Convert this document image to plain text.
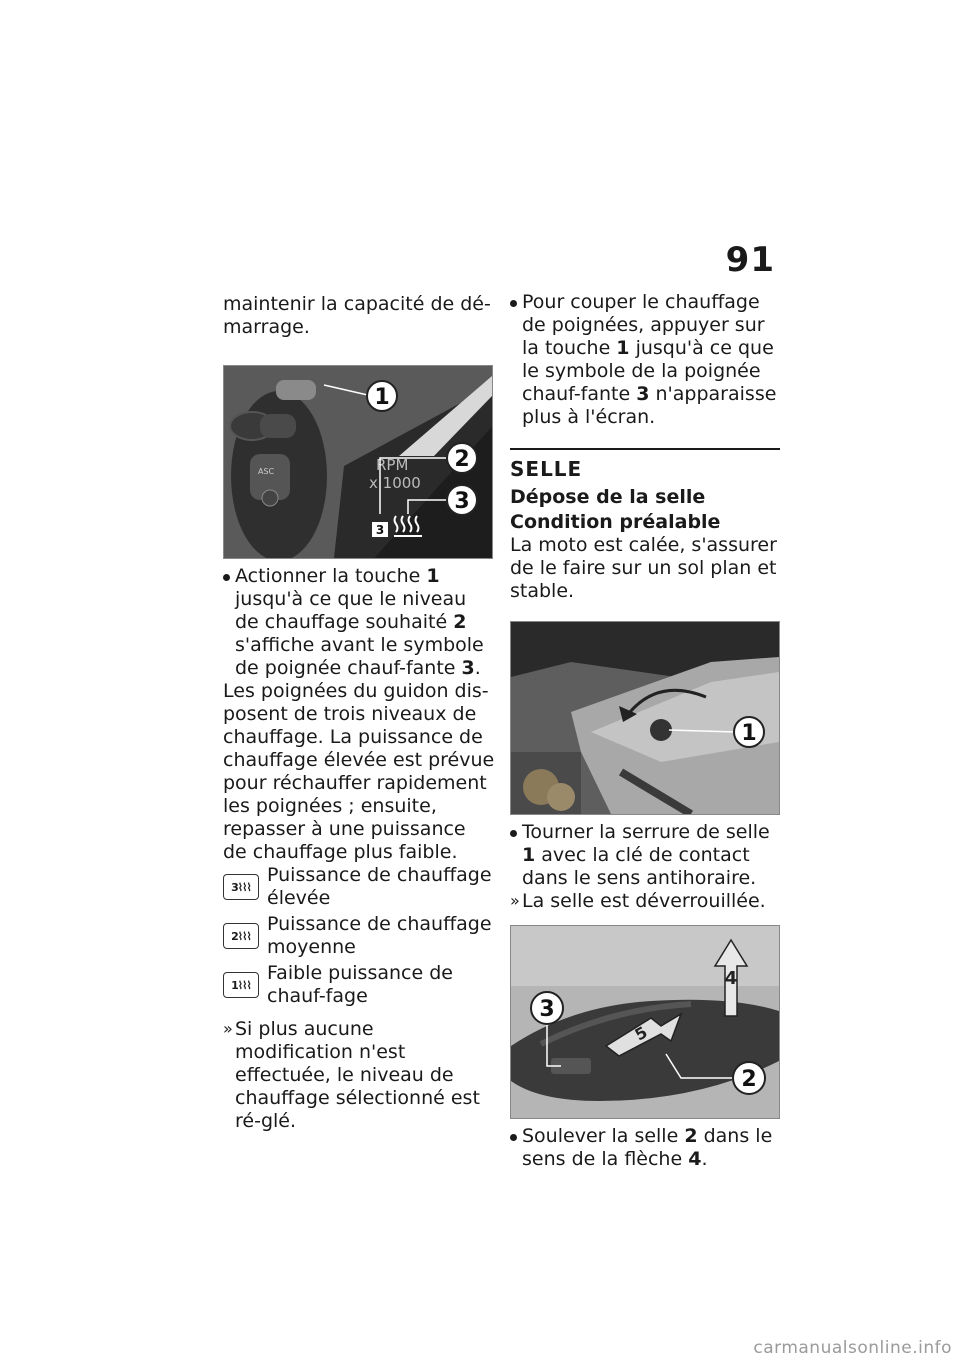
91

maintenir la capacité de dé-marrage.

ASC
1
RPM
x 1000
2
3
3

Actionner la touche 1 jusqu'à ce que le niveau de chauffage souhaité 2 s'affiche avant le symbole de poignée chauf-fante 3.

Les poignées du guidon dis-posent de trois niveaux de chauffage. La puissance de chauffage élevée est prévue pour réchauffer rapidement les poignées ; ensuite, repasser à une puissance de chauffage plus faible.

3 ⌇⌇⌇
Puissance de chauffage élevée
2 ⌇⌇⌇
Puissance de chauffage moyenne
1 ⌇⌇⌇
Faible puissance de chauf-fage

» Si plus aucune modification n'est effectuée, le niveau de chauffage sélectionné est ré-glé.

Pour couper le chauffage de poignées, appuyer sur la touche 1 jusqu'à ce que le symbole de la poignée chauf-fante 3 n'apparaisse plus à l'écran.

SELLE
Dépose de la selle
Condition préalable

La moto est calée, s'assurer de le faire sur un sol plan et stable.

1

Tourner la serrure de selle 1 avec la clé de contact dans le sens antihoraire.

» La selle est déverrouillée.

5
4
3
2

Soulever la selle 2 dans le sens de la flèche 4.

carmanualsonline.info
